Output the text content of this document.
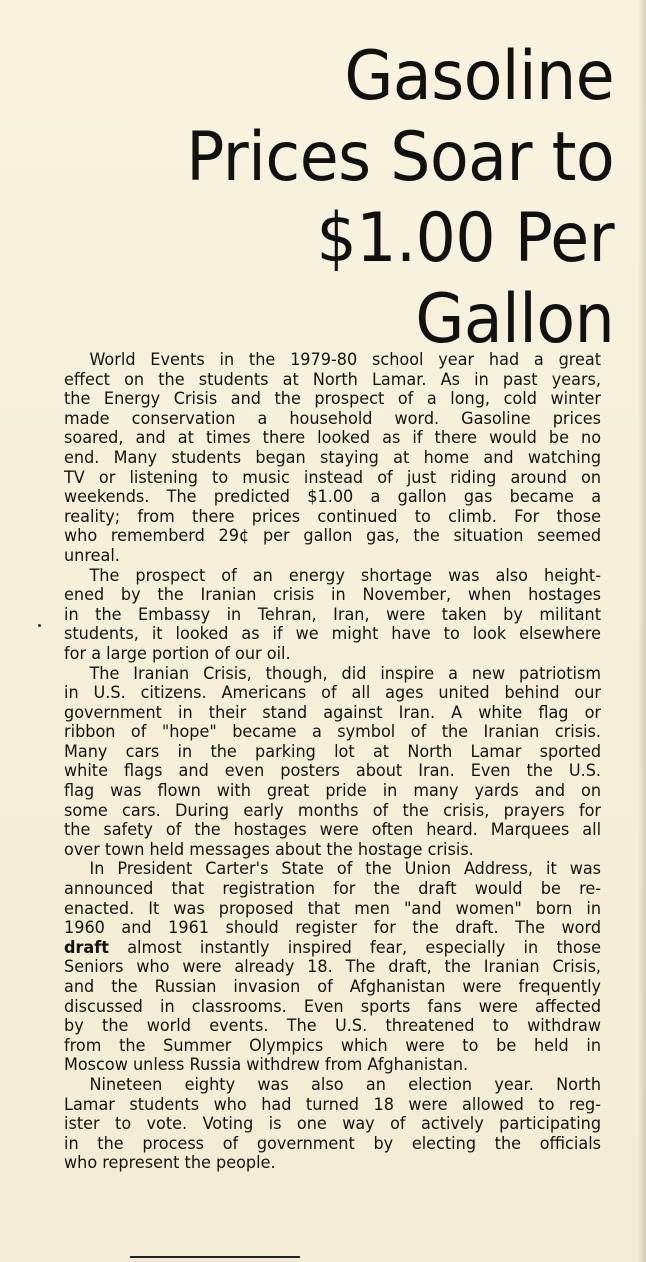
Gasoline
Prices Soar to
$1.00 Per
Gallon
World Events in the 1979-80 school year had a great
effect on the students at North Lamar. As in past years,
the Energy Crisis and the prospect of a long, cold winter
made conservation a household word. Gasoline prices
soared, and at times there looked as if there would be no
end. Many students began staying at home and watching
TV or listening to music instead of just riding around on
weekends. The predicted $1.00 a gallon gas became a
reality; from there prices continued to climb. For those
who rememberd 29¢ per gallon gas, the situation seemed
unreal.
The prospect of an energy shortage was also height-
ened by the Iranian crisis in November, when hostages
in the Embassy in Tehran, Iran, were taken by militant
students, it looked as if we might have to look elsewhere
for a large portion of our oil.
The Iranian Crisis, though, did inspire a new patriotism
in U.S. citizens. Americans of all ages united behind our
government in their stand against Iran. A white flag or
ribbon of "hope" became a symbol of the Iranian crisis.
Many cars in the parking lot at North Lamar sported
white flags and even posters about Iran. Even the U.S.
flag was flown with great pride in many yards and on
some cars. During early months of the crisis, prayers for
the safety of the hostages were often heard. Marquees all
over town held messages about the hostage crisis.
In President Carter's State of the Union Address, it was
announced that registration for the draft would be re-
enacted. It was proposed that men "and women" born in
1960 and 1961 should register for the draft. The word
draft almost instantly inspired fear, especially in those
Seniors who were already 18. The draft, the Iranian Crisis,
and the Russian invasion of Afghanistan were frequently
discussed in classrooms. Even sports fans were affected
by the world events. The U.S. threatened to withdraw
from the Summer Olympics which were to be held in
Moscow unless Russia withdrew from Afghanistan.
Nineteen eighty was also an election year. North
Lamar students who had turned 18 were allowed to reg-
ister to vote. Voting is one way of actively participating
in the process of government by electing the officials
who represent the people.
